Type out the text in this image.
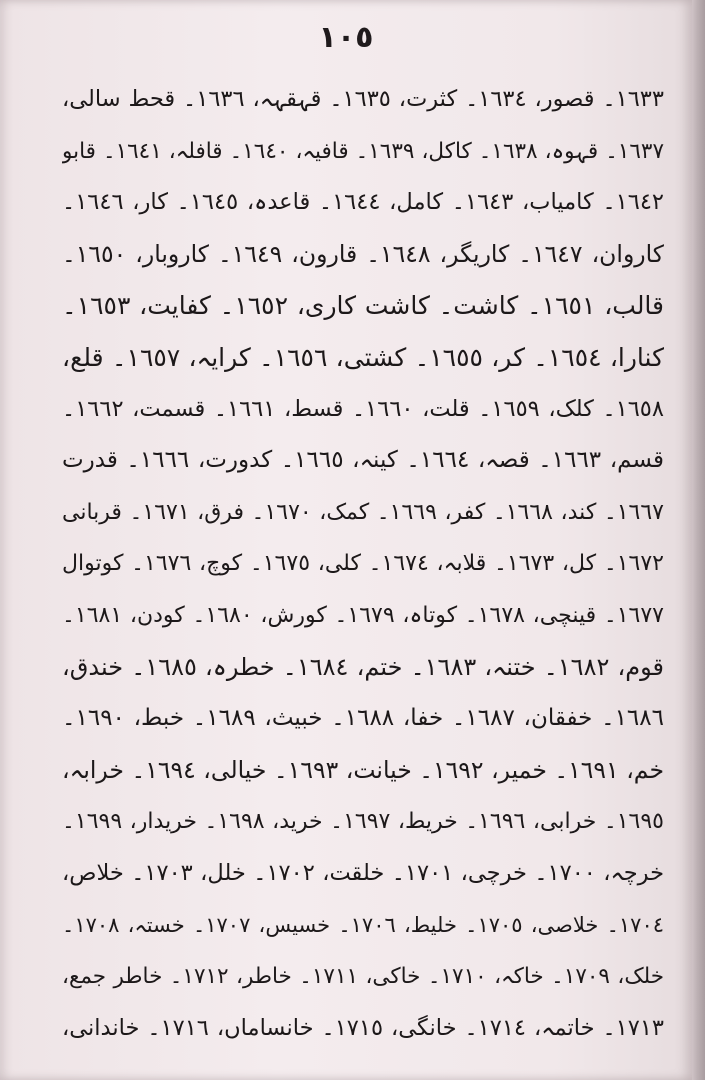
١٠٥
١٦٣٣۔ قصور، ١٦٣٤۔ کثرت، ١٦٣٥۔ قہقہہ، ١٦٣٦۔ قحط سالی،
١٦٣٧۔ قہوہ، ١٦٣٨۔ کاکل، ١٦٣٩۔ قافیہ، ١٦٤٠۔ قافلہ، ١٦٤١۔ قابو
١٦٤٢۔ کامیاب، ١٦٤٣۔ کامل، ١٦٤٤۔ قاعدہ، ١٦٤٥۔ کار، ١٦٤٦۔
کاروان، ١٦٤٧۔ کاریگر، ١٦٤٨۔ قارون، ١٦٤٩۔ کاروبار، ١٦٥٠۔
قالب، ١٦٥١۔ کاشت۔ کاشت کاری، ١٦٥٢۔ کفایت، ١٦٥٣۔
کنارا، ١٦٥٤۔ کر، ١٦٥٥۔ کشتی، ١٦٥٦۔ کرایہ، ١٦٥٧۔ قلع،
١٦٥٨۔ کلک، ١٦٥٩۔ قلت، ١٦٦٠۔ قسط، ١٦٦١۔ قسمت، ١٦٦٢۔
قسم، ١٦٦٣۔ قصہ، ١٦٦٤۔ کینہ، ١٦٦٥۔ کدورت، ١٦٦٦۔ قدرت
١٦٦٧۔ کند، ١٦٦٨۔ کفر، ١٦٦٩۔ کمک، ١٦٧٠۔ فرق، ١٦٧١۔ قربانی
١٦٧٢۔ کل، ١٦٧٣۔ قلابہ، ١٦٧٤۔ کلی، ١٦٧٥۔ کوچ، ١٦٧٦۔ کوتوال
١٦٧٧۔ قینچی، ١٦٧٨۔ کوتاہ، ١٦٧٩۔ کورش، ١٦٨٠۔ کودن، ١٦٨١۔
قوم، ١٦٨٢۔ ختنہ، ١٦٨٣۔ ختم، ١٦٨٤۔ خطرہ، ١٦٨٥۔ خندق،
١٦٨٦۔ خفقان، ١٦٨٧۔ خفا، ١٦٨٨۔ خبیث، ١٦٨٩۔ خبط، ١٦٩٠۔
خم، ١٦٩١۔ خمیر، ١٦٩٢۔ خیانت، ١٦٩٣۔ خیالی، ١٦٩٤۔ خرابہ،
١٦٩٥۔ خرابی، ١٦٩٦۔ خریط، ١٦٩٧۔ خرید، ١٦٩٨۔ خریدار، ١٦٩٩۔
خرچہ، ١٧٠٠۔ خرچی، ١٧٠١۔ خلقت، ١٧٠٢۔ خلل، ١٧٠٣۔ خلاص،
١٧٠٤۔ خلاصی، ١٧٠٥۔ خلیط، ١٧٠٦۔ خسیس، ١٧٠٧۔ خستہ، ١٧٠٨۔
خلک، ١٧٠٩۔ خاکہ، ١٧١٠۔ خاکی، ١٧١١۔ خاطر، ١٧١٢۔ خاطر جمع،
١٧١٣۔ خاتمہ، ١٧١٤۔ خانگی، ١٧١٥۔ خانساماں، ١٧١٦۔ خاندانی،
